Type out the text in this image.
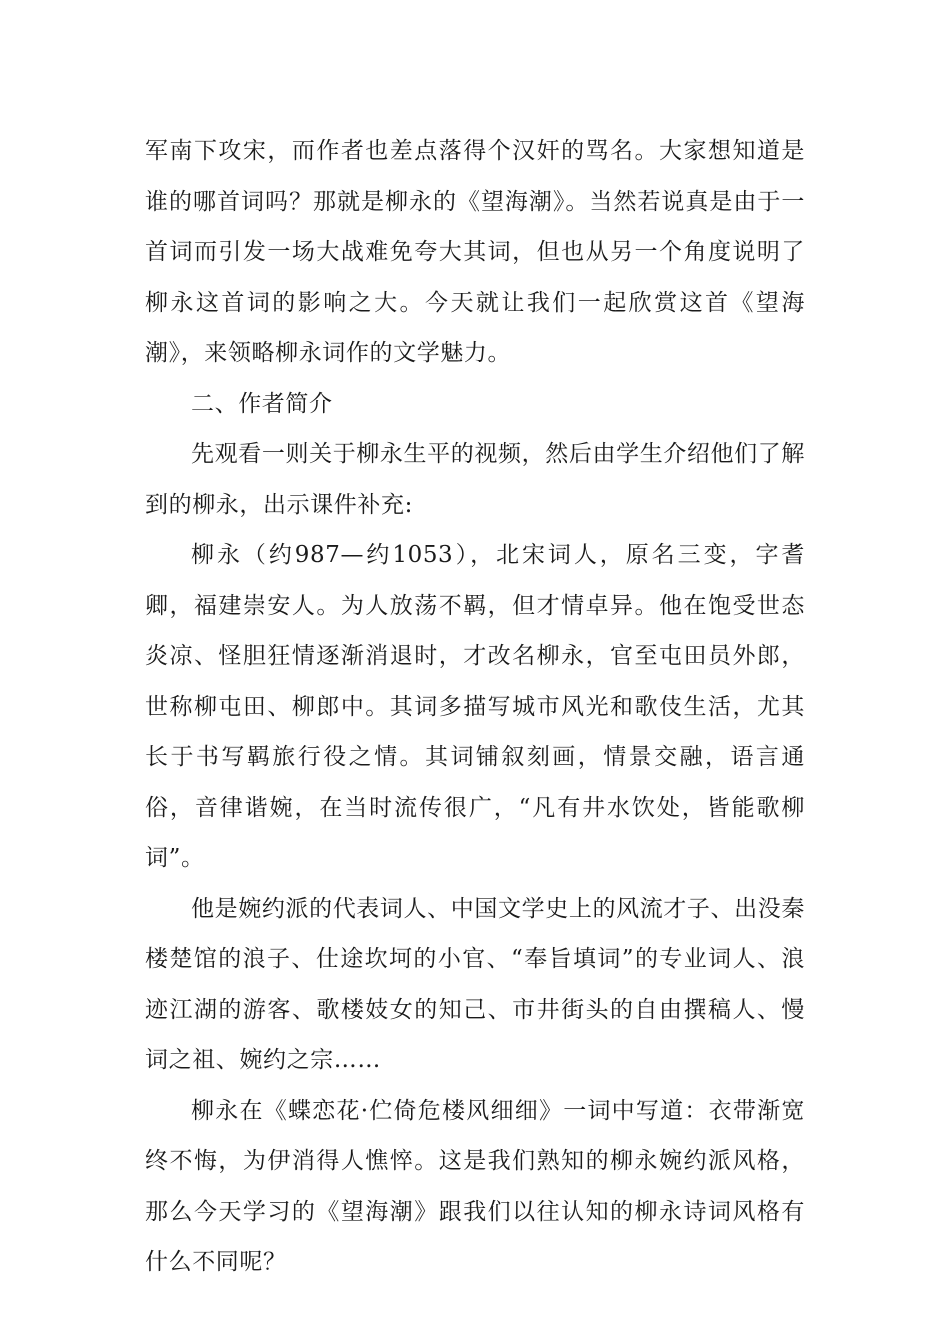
军南下攻宋，而作者也差点落得个汉奸的骂名。大家想知道是谁的哪首词吗？那就是柳永的《望海潮》。当然若说真是由于一首词而引发一场大战难免夸大其词，但也从另一个角度说明了柳永这首词的影响之大。今天就让我们一起欣赏这首《望海潮》，来领略柳永词作的文学魅力。

二、作者简介

先观看一则关于柳永生平的视频，然后由学生介绍他们了解到的柳永，出示课件补充:

柳永（约987—约1053），北宋词人，原名三变，字耆卿，福建崇安人。为人放荡不羁，但才情卓异。他在饱受世态炎凉、怪胆狂情逐渐消退时，才改名柳永，官至屯田员外郎，世称柳屯田、柳郎中。其词多描写城市风光和歌伎生活，尤其长于书写羁旅行役之情。其词铺叙刻画，情景交融，语言通俗，音律谐婉，在当时流传很广，“凡有井水饮处，皆能歌柳词”。

他是婉约派的代表词人、中国文学史上的风流才子、出没秦楼楚馆的浪子、仕途坎坷的小官、“奉旨填词”的专业词人、浪迹江湖的游客、歌楼妓女的知己、市井街头的自由撰稿人、慢词之祖、婉约之宗……

柳永在《蝶恋花·伫倚危楼风细细》一词中写道：衣带渐宽终不悔，为伊消得人憔悴。这是我们熟知的柳永婉约派风格，那么今天学习的《望海潮》跟我们以往认知的柳永诗词风格有什么不同呢？
